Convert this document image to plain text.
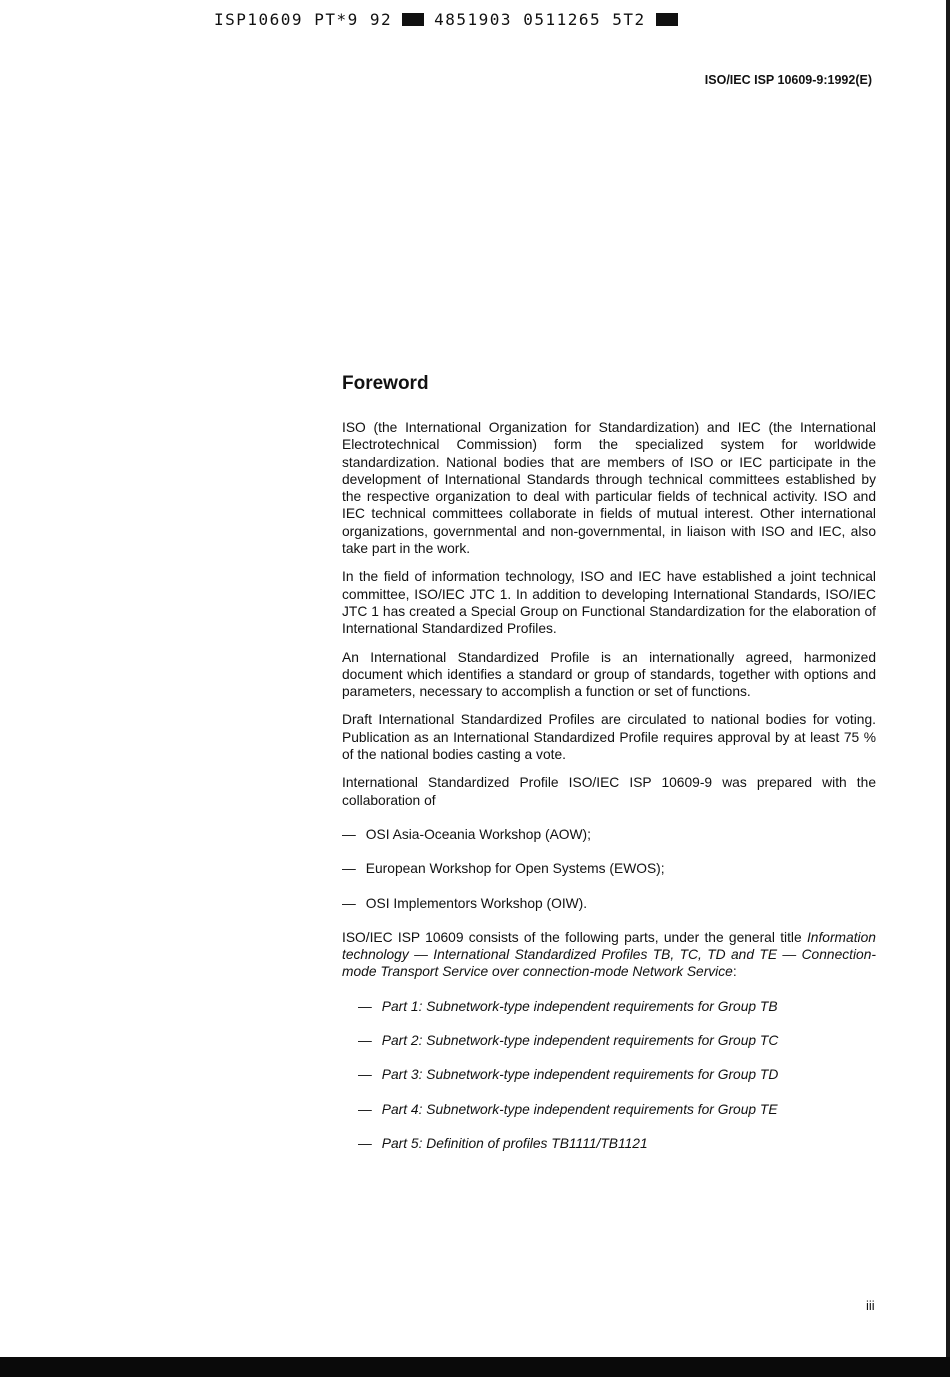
ISP10609 PT*9 92	4851903 0511265 5T2
ISO/IEC ISP 10609-9:1992(E)
Foreword

ISO (the International Organization for Standardization) and IEC (the International Electrotechnical Commission) form the specialized system for worldwide standardization. National bodies that are members of ISO or IEC participate in the development of International Standards through technical committees established by the respective organization to deal with particular fields of technical activity. ISO and IEC technical committees collaborate in fields of mutual interest. Other international organizations, governmental and non-governmental, in liaison with ISO and IEC, also take part in the work.

In the field of information technology, ISO and IEC have established a joint technical committee, ISO/IEC JTC 1. In addition to developing International Standards, ISO/IEC JTC 1 has created a Special Group on Functional Standardization for the elaboration of International Standardized Profiles.

An International Standardized Profile is an internationally agreed, harmonized document which identifies a standard or group of standards, together with options and parameters, necessary to accomplish a function or set of functions.

Draft International Standardized Profiles are circulated to national bodies for voting. Publication as an International Standardized Profile requires approval by at least 75 % of the national bodies casting a vote.

International Standardized Profile ISO/IEC ISP 10609-9 was prepared with the collaboration of

— OSI Asia-Oceania Workshop (AOW);
— European Workshop for Open Systems (EWOS);
— OSI Implementors Workshop (OIW).

ISO/IEC ISP 10609 consists of the following parts, under the general title Information technology — International Standardized Profiles TB, TC, TD and TE — Connection-mode Transport Service over connection-mode Network Service:

— Part 1: Subnetwork-type independent requirements for Group TB
— Part 2: Subnetwork-type independent requirements for Group TC
— Part 3: Subnetwork-type independent requirements for Group TD
— Part 4: Subnetwork-type independent requirements for Group TE
— Part 5: Definition of profiles TB1111/TB1121
iii
